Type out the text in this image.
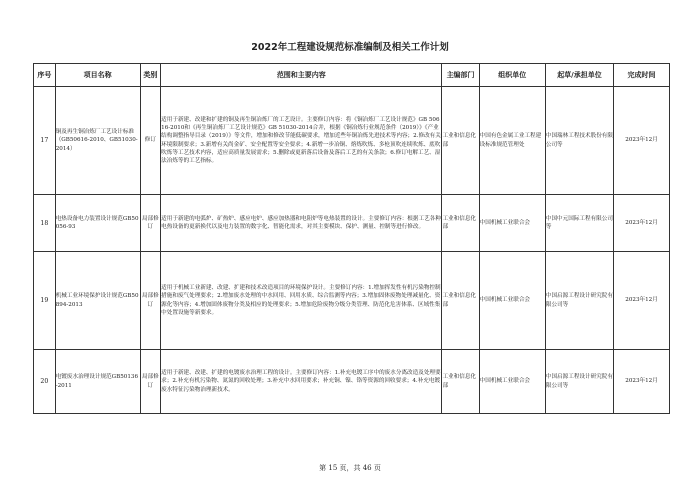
2022年工程建设规范标准编制及相关工作计划
序号	项目名称	类别	范围和主要内容	主编部门	组织单位	起草/承担单位	完成时间
17	铜及再生铜冶炼厂工艺设计标准（GB50616-2010、GB51030-2014）	修订	适用于新建、改建和扩建的铜及再生铜冶炼厂的工艺设计。主要修订内容：将《铜冶炼厂工艺设计规范》GB 50616-2010和《再生铜冶炼厂工艺设计规范》GB 51030-2014合并，根据《铜冶炼行业规范条件（2019）》《产业结构调整指导目录（2019）》等文件，增加和修改节能低碳要求，增加近些年铜冶炼先进技术等内容；2.修改有关环境限制要求；3.新增有关尚金矿、安全配置等安全要求；4.新增一步冶铜、熔炼吹炼、多枪顶吹连续吹炼、底吹吹炼等工艺技术内容，适应高质量发展需求；5.删除或更新落后设备及落后工艺的有关条款；6.修订电解工艺、湿法冶炼等的工艺指标。	工业和信息化部	中国有色金属工业工程建设标准规范管理处	中国瑞林工程技术股份有限公司等	2023年12月
18	电热设备电力装置设计规范GB50056-93	局部修订	适用于新建的电弧炉、矿热炉、感应电炉、感应加热器和电阻炉等电热装置的设计。主要修订内容：根据工艺各种电热设备的更新换代以及电力装置的数字化、智能化需求，对其主要模块、保护、测量、控制等进行修改。	工业和信息化部	中国机械工业联合会	中国中元国际工程有限公司等	2023年12月
19	机械工业环境保护设计规范GB50894-2013	局部修订	适用于机械工业新建、改建、扩建和技术改造项目的环境保护设计。主要修订内容：1.增加挥发性有机污染物控制措施和废气处理要求；2.增加废水处理的中水回用、回用水质、综合监测等内容；3.增加固体废物处理减量化、资源化等内容；4.增加固体废物分类及相应的处理要求；5.增加危险废物分级分类管理、防范化危害体系、区域性集中处置设施等新要求。	工业和信息化部	中国机械工业联合会	中国启源工程设计研究院有限公司等	2023年12月
20	电镀废水治理设计规范GB50136-2011	局部修订	适用于新建、改建、扩建的电镀废水治理工程的设计。主要修订内容：1.补充电镀工序中的废水分离改造及处理要求；2.补充有机污染物、氮氮的回收处理；3.补充中水回用要求；补充铜、镍、铬等资源的回收要求；4.补充电镀废水特征污染物治理新技术。	工业和信息化部	中国机械工业联合会	中国启源工程设计研究院有限公司等	2023年12月
第 15 页，共 46 页
